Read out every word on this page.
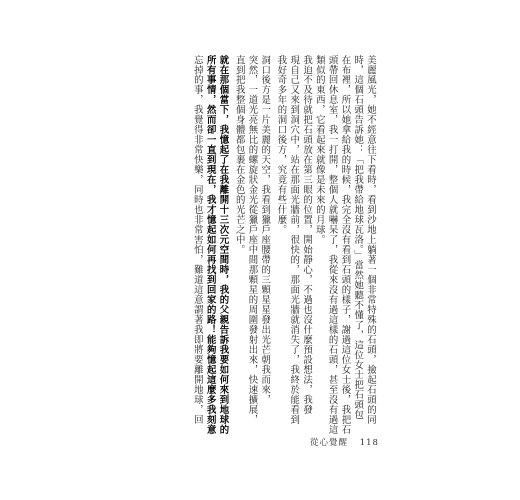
美麗風光，她不經意往下看時，看到沙地上躺著一個非常特殊的石頭，撿起石頭的同
時，這個石頭告訴她：「把我帶給地球瓦洛。」當然她聽不懂了，這位女士把石頭包
在布裡，所以她拿給我的時候，我完全沒有看到石頭的樣子，謝過這位女士後，我把石
頭帶回休息室，我一打開，整個人就嚇呆了，我從來沒有過這樣的石頭，甚至沒有過這
類似的東西，它看起來就像是未來的月球。
我迫不及待就把石頭放在第三眼的位置，開始靜心，不過也沒什麼預設想法，我發
現自己又來到洞穴中，站在那面光牆前，很快的，那面光牆就消失了，我終於能看到
我好奇多年的洞口後方，究竟有些什麼。
洞口後方是一片美麗的天空，我看到獵戶座腰帶的三顆星星發出光芒朝我而來，
突然，一道光亮無比的螺旋狀金光從獵戶座中間那顆星的周圍發射出來，快速擴展，
直到把我整個身體都包裹在金色的光芒之中。
就在那個當下，我憶起了在我離開十三次元空間時，我的父親告訴我要如何來到地球的
所有事情，然而卻一直到現在，我才憶起如何再找到回家的路！能夠憶起這麼多我刻意
忘掉的事，我覺得非常快樂，同時也非常害怕，難道這意謂著我即將要離開地球，回
從心覺醒 118
